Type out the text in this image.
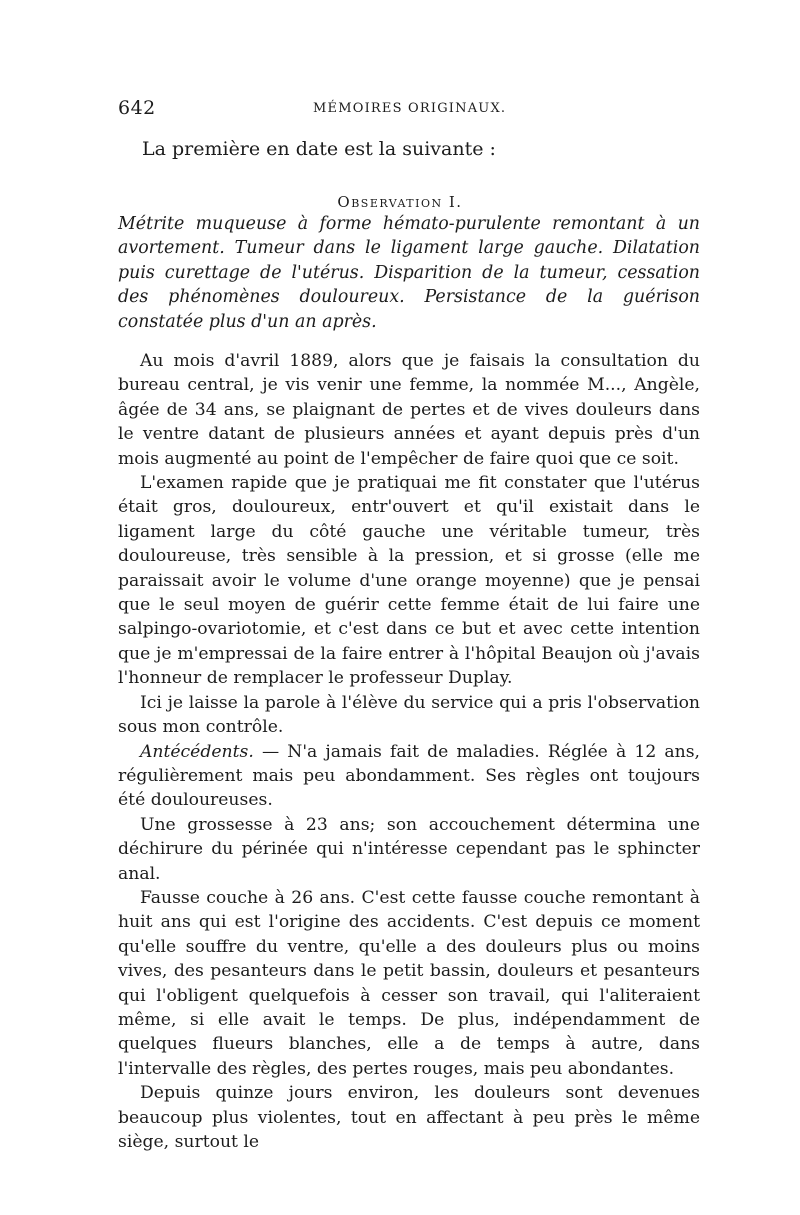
642	MÉMOIRES ORIGINAUX.

La première en date est la suivante :

Observation I.

Métrite muqueuse à forme hémato-purulente remontant à un avortement. Tumeur dans le ligament large gauche. Dilatation puis curettage de l'utérus. Disparition de la tumeur, cessation des phénomènes douloureux. Persistance de la guérison constatée plus d'un an après.

Au mois d'avril 1889, alors que je faisais la consultation du bureau central, je vis venir une femme, la nommée M..., Angèle, âgée de 34 ans, se plaignant de pertes et de vives douleurs dans le ventre datant de plusieurs années et ayant depuis près d'un mois augmenté au point de l'empêcher de faire quoi que ce soit.

L'examen rapide que je pratiquai me fit constater que l'utérus était gros, douloureux, entr'ouvert et qu'il existait dans le ligament large du côté gauche une véritable tumeur, très douloureuse, très sensible à la pression, et si grosse (elle me paraissait avoir le volume d'une orange moyenne) que je pensai que le seul moyen de guérir cette femme était de lui faire une salpingo-ovariotomie, et c'est dans ce but et avec cette intention que je m'empressai de la faire entrer à l'hôpital Beaujon où j'avais l'honneur de remplacer le professeur Duplay.

Ici je laisse la parole à l'élève du service qui a pris l'observation sous mon contrôle.

Antécédents. — N'a jamais fait de maladies. Réglée à 12 ans, régulièrement mais peu abondamment. Ses règles ont toujours été douloureuses.

Une grossesse à 23 ans; son accouchement détermina une déchirure du périnée qui n'intéresse cependant pas le sphincter anal.

Fausse couche à 26 ans. C'est cette fausse couche remontant à huit ans qui est l'origine des accidents. C'est depuis ce moment qu'elle souffre du ventre, qu'elle a des douleurs plus ou moins vives, des pesanteurs dans le petit bassin, douleurs et pesanteurs qui l'obligent quelquefois à cesser son travail, qui l'aliteraient même, si elle avait le temps. De plus, indépendamment de quelques flueurs blanches, elle a de temps à autre, dans l'intervalle des règles, des pertes rouges, mais peu abondantes.

Depuis quinze jours environ, les douleurs sont devenues beaucoup plus violentes, tout en affectant à peu près le même siège, surtout le
